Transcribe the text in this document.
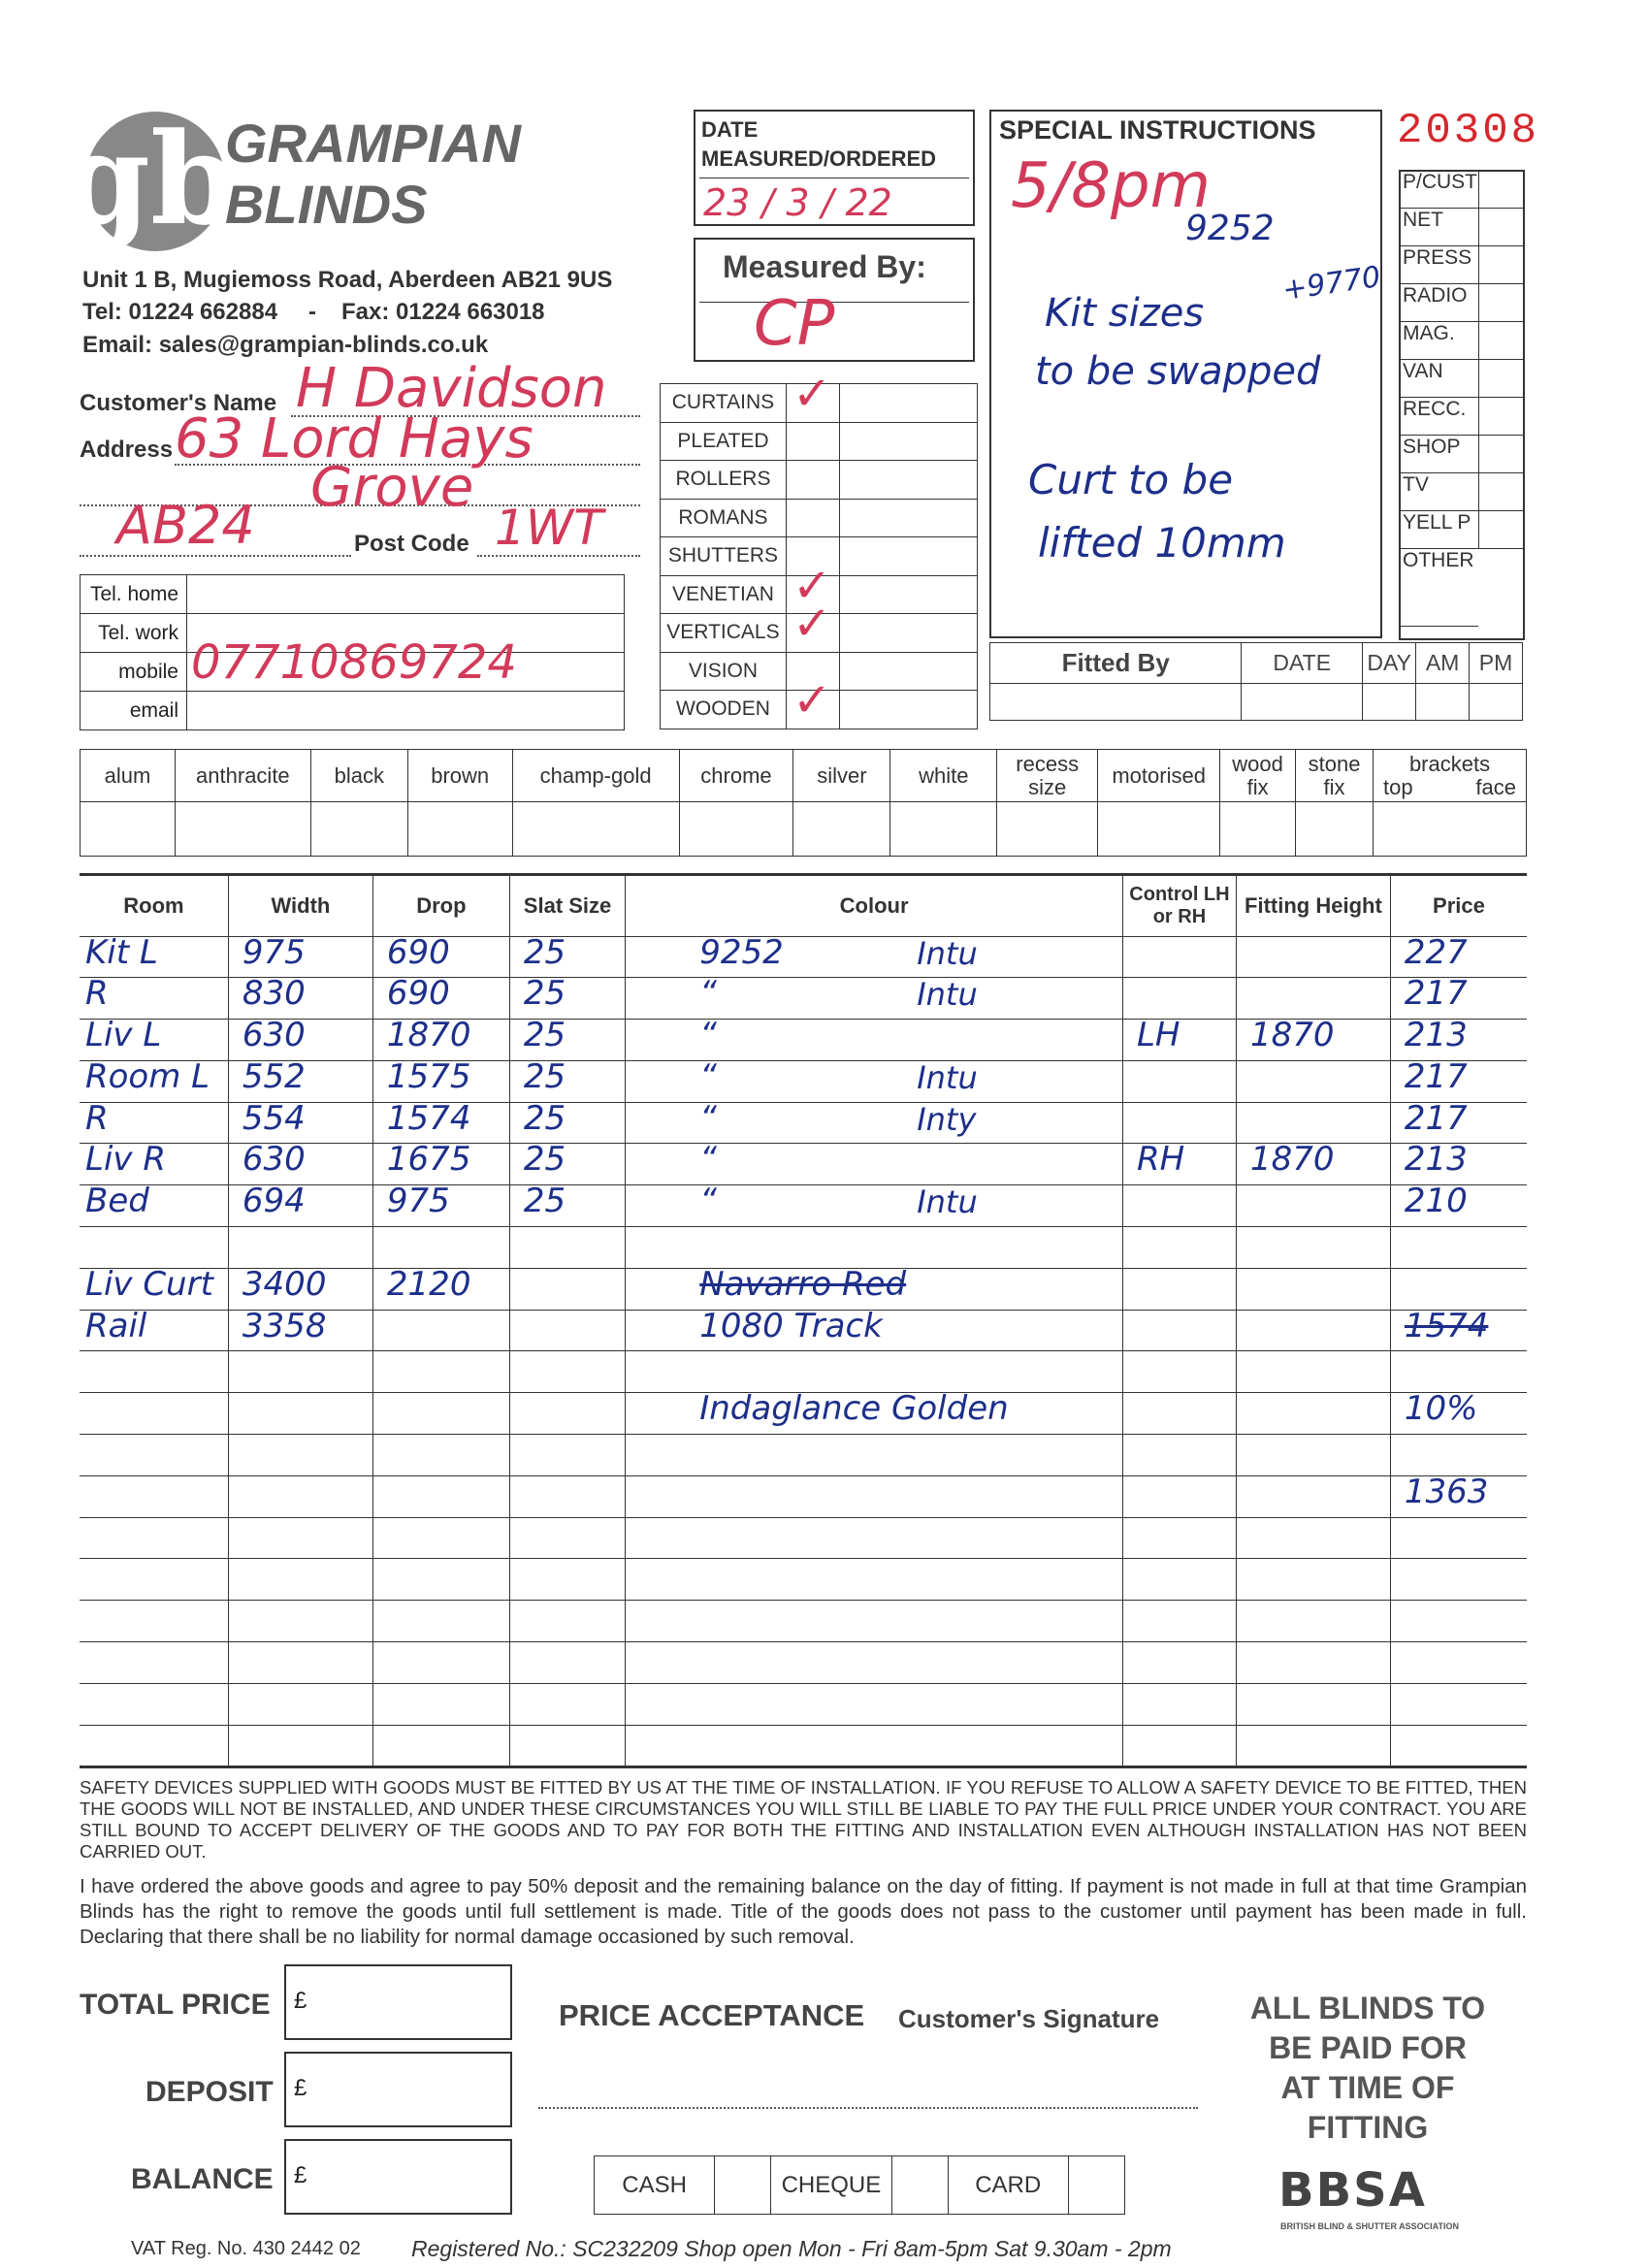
gb
GRAMPIAN
BLINDS
Unit 1 B, Mugiemoss Road, Aberdeen AB21 9US
Tel: 01224 662884 - Fax: 01224 663018
Email: sales@grampian-blinds.co.uk
DATE
MEASURED/ORDERED
23 / 3 / 22
Measured By:
CP
SPECIAL INSTRUCTIONS
5/8pm
9252
+9770
Kit sizes
to be swapped
Curt to be
lifted 10mm
20308
P/CUST	
NET	
PRESS	
RADIO	
MAG.	
VAN	
RECC.	
SHOP	
TV	
YELL P	
OTHER	
Customer's Name H Davidson
Address 63 Lord Hays
Grove
AB24	Post Code 1WT
Tel. home	
Tel. work	
mobile	07710869724

email	
CURTAINS	✓	

PLEATED		
ROLLERS		
ROMANS		
SHUTTERS		
VENETIAN	✓	

VERTICALS	✓	

VISION		
WOODEN	✓	

Fitted By	DATE	DAY	AM	PM

alum	anthracite	black	brown	champ-gold	chrome	silver	white	recess size	motorised	wood fix	stone fix	brackets
top face

Room	Width	Drop	Slat Size	Colour	Control LH or RH	Fitting Height	Price

Kit L	975	690	25	9252 Intu			227

R	830	690	25	“ Intu			217

Liv L	630	1870	25	“	LH	1870	213

Room L	552	1575	25	“ Intu			217

R	554	1574	25	“ Inty			217

Liv R	630	1675	25	“	RH	1870	213

Bed	694	975	25	“ Intu			210

Liv Curt	3400	2120		Navarro Red			

Rail	3358			1080 Track			1574

				Indaglance Golden			10%

							1363

SAFETY DEVICES SUPPLIED WITH GOODS MUST BE FITTED BY US AT THE TIME OF INSTALLATION. IF YOU REFUSE TO ALLOW A SAFETY DEVICE TO BE FITTED, THEN THE GOODS WILL NOT BE INSTALLED, AND UNDER THESE CIRCUMSTANCES YOU WILL STILL BE LIABLE TO PAY THE FULL PRICE UNDER YOUR CONTRACT. YOU ARE STILL BOUND TO ACCEPT DELIVERY OF THE GOODS AND TO PAY FOR BOTH THE FITTING AND INSTALLATION EVEN ALTHOUGH INSTALLATION HAS NOT BEEN CARRIED OUT.
I have ordered the above goods and agree to pay 50% deposit and the remaining balance on the day of fitting. If payment is not made in full at that time Grampian Blinds has the right to remove the goods until full settlement is made. Title of the goods does not pass to the customer until payment has been made in full. Declaring that there shall be no liability for normal damage occasioned by such removal.
TOTAL PRICE £
DEPOSIT £
BALANCE £
PRICE ACCEPTANCE Customer's Signature
CASH		CHEQUE		CARD	
ALL BLINDS TO
BE PAID FOR
AT TIME OF
FITTING
BBSA
BRITISH BLIND & SHUTTER ASSOCIATION
VAT Reg. No. 430 2442 02 Registered No.: SC232209 Shop open Mon - Fri 8am-5pm Sat 9.30am - 2pm
